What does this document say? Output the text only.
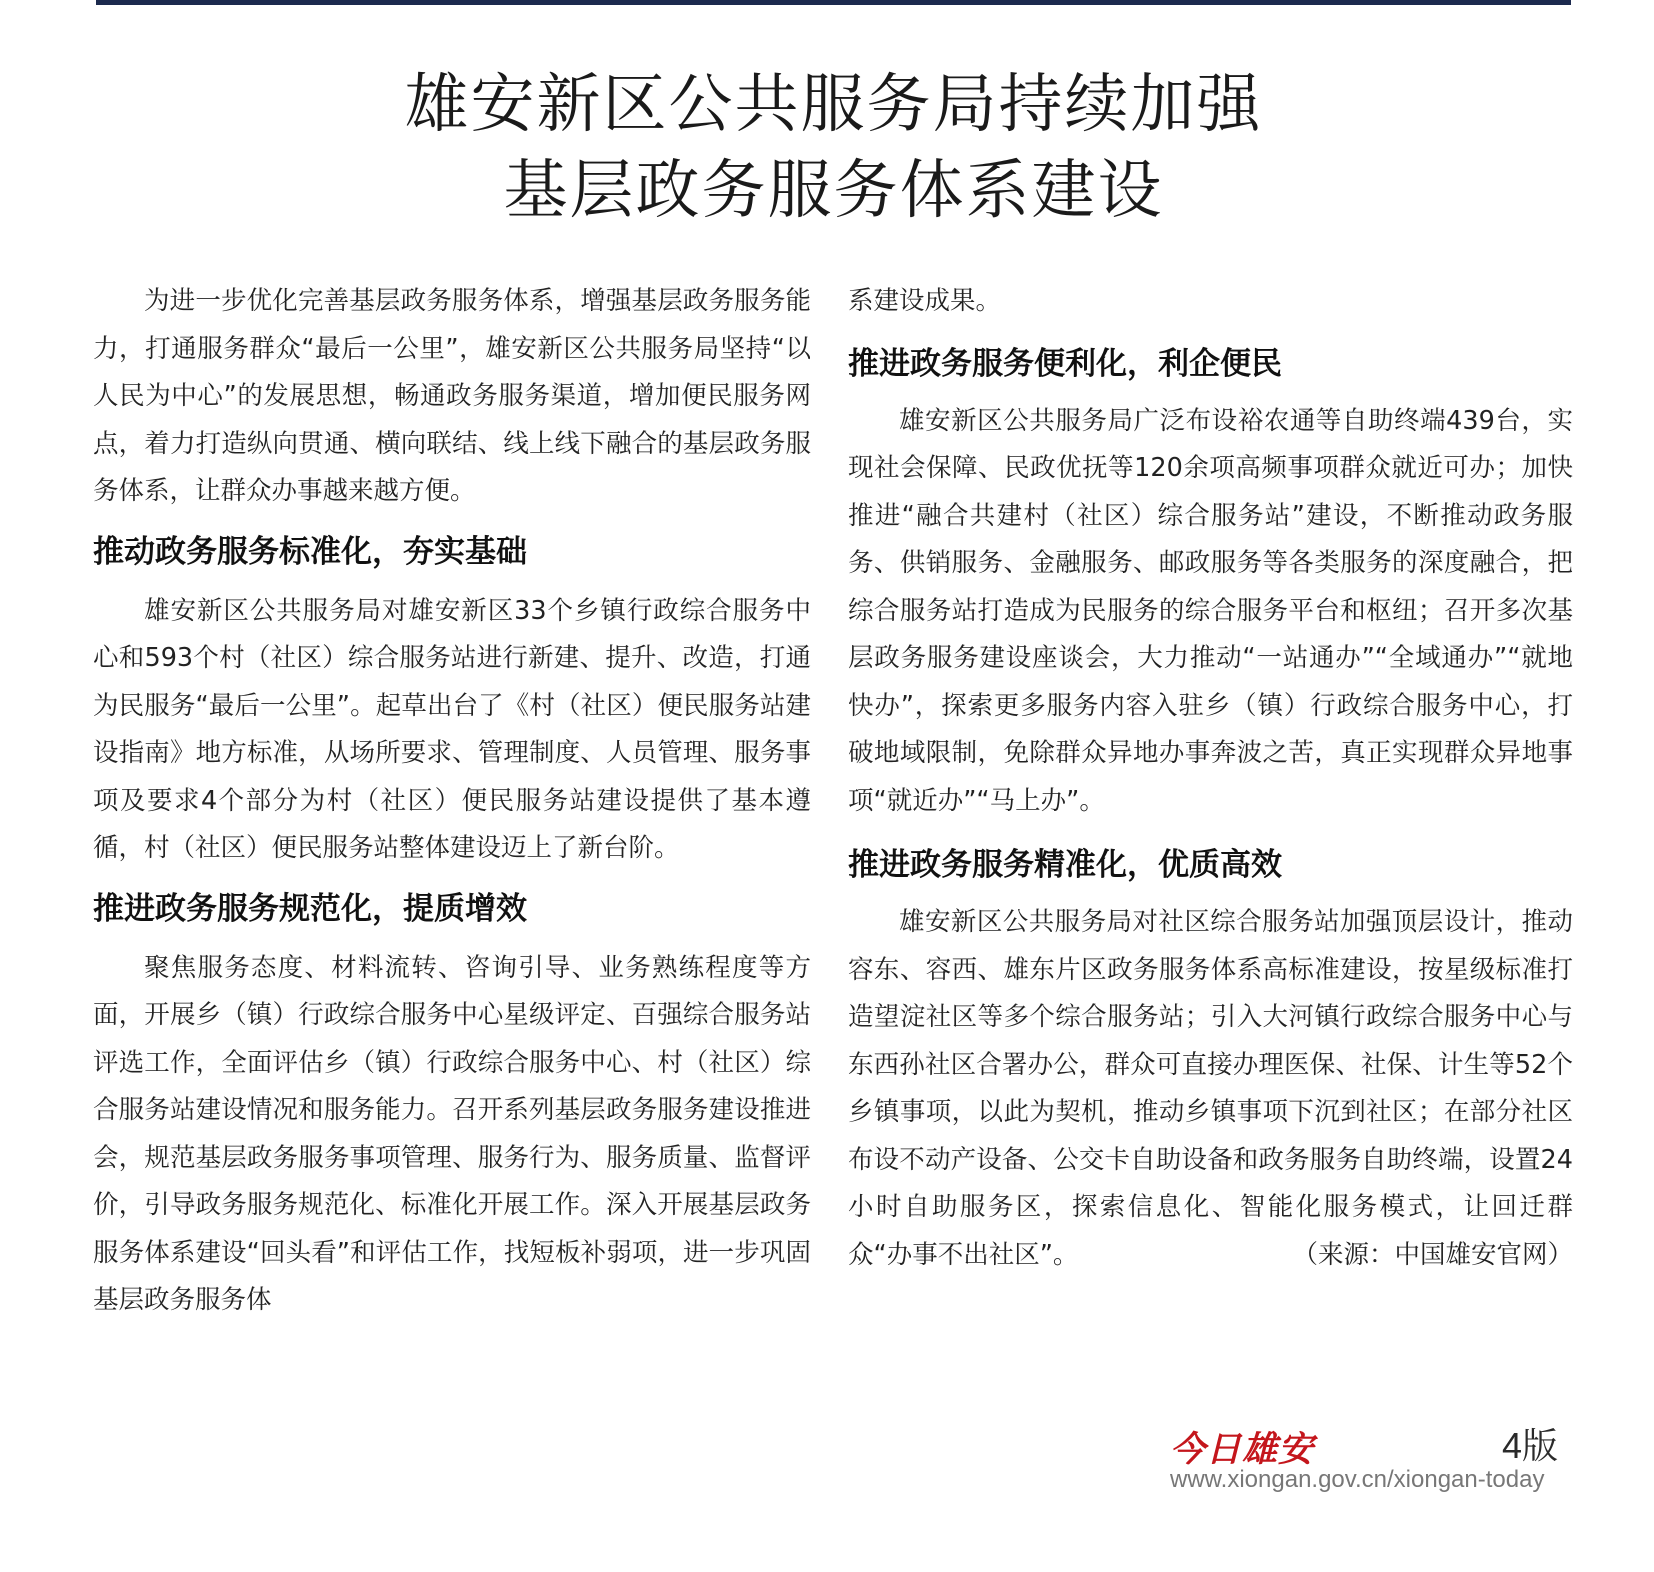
雄安新区公共服务局持续加强
基层政务服务体系建设

为进一步优化完善基层政务服务体系，增强基层政务服务能力，打通服务群众“最后一公里”，雄安新区公共服务局坚持“以人民为中心”的发展思想，畅通政务服务渠道，增加便民服务网点，着力打造纵向贯通、横向联结、线上线下融合的基层政务服务体系，让群众办事越来越方便。

推动政务服务标准化，夯实基础

雄安新区公共服务局对雄安新区33个乡镇行政综合服务中心和593个村（社区）综合服务站进行新建、提升、改造，打通为民服务“最后一公里”。起草出台了《村（社区）便民服务站建设指南》地方标准，从场所要求、管理制度、人员管理、服务事项及要求4个部分为村（社区）便民服务站建设提供了基本遵循，村（社区）便民服务站整体建设迈上了新台阶。

推进政务服务规范化，提质增效

聚焦服务态度、材料流转、咨询引导、业务熟练程度等方面，开展乡（镇）行政综合服务中心星级评定、百强综合服务站评选工作，全面评估乡（镇）行政综合服务中心、村（社区）综合服务站建设情况和服务能力。召开系列基层政务服务建设推进会，规范基层政务服务事项管理、服务行为、服务质量、监督评价，引导政务服务规范化、标准化开展工作。深入开展基层政务服务体系建设“回头看”和评估工作，找短板补弱项，进一步巩固基层政务服务体

系建设成果。

推进政务服务便利化，利企便民

雄安新区公共服务局广泛布设裕农通等自助终端439台，实现社会保障、民政优抚等120余项高频事项群众就近可办；加快推进“融合共建村（社区）综合服务站”建设，不断推动政务服务、供销服务、金融服务、邮政服务等各类服务的深度融合，把综合服务站打造成为民服务的综合服务平台和枢纽；召开多次基层政务服务建设座谈会，大力推动“一站通办”“全域通办”“就地快办”，探索更多服务内容入驻乡（镇）行政综合服务中心，打破地域限制，免除群众异地办事奔波之苦，真正实现群众异地事项“就近办”“马上办”。

推进政务服务精准化，优质高效

雄安新区公共服务局对社区综合服务站加强顶层设计，推动容东、容西、雄东片区政务服务体系高标准建设，按星级标准打造望淀社区等多个综合服务站；引入大河镇行政综合服务中心与东西孙社区合署办公，群众可直接办理医保、社保、计生等52个乡镇事项，以此为契机，推动乡镇事项下沉到社区；在部分社区布设不动产设备、公交卡自助设备和政务服务自助终端，设置24小时自助服务区，探索信息化、智能化服务模式，让回迁群众“办事不出社区”。	（来源：中国雄安官网）

今日雄安	4版
www.xiongan.gov.cn/xiongan-today
